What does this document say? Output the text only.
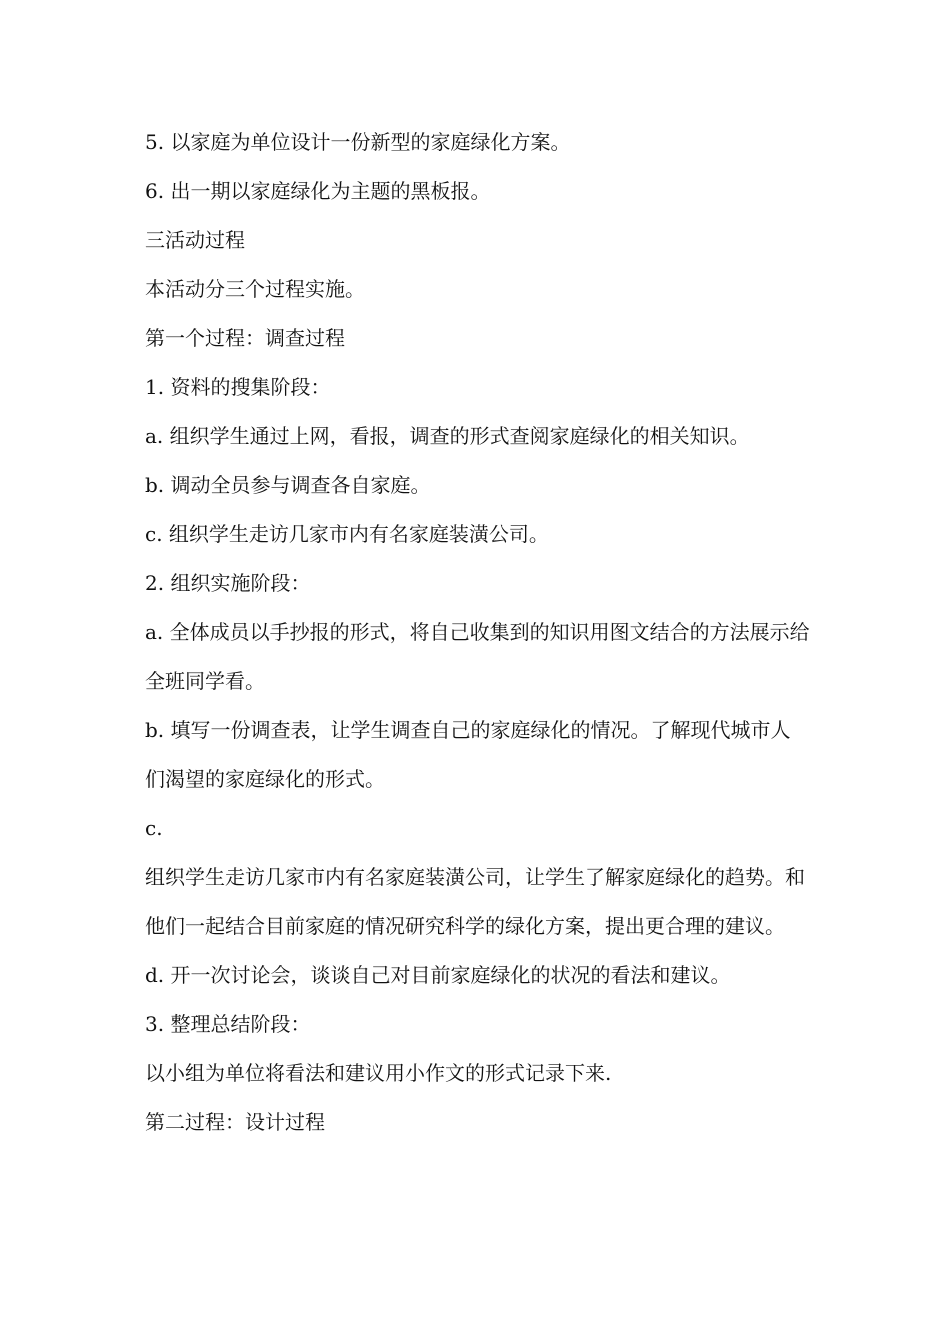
5. 以家庭为单位设计一份新型的家庭绿化方案。

6. 出一期以家庭绿化为主题的黑板报。

三活动过程

本活动分三个过程实施。

第一个过程：调查过程

1. 资料的搜集阶段：

a. 组织学生通过上网，看报，调查的形式查阅家庭绿化的相关知识。

b. 调动全员参与调查各自家庭。

c. 组织学生走访几家市内有名家庭装潢公司。

2. 组织实施阶段：

a. 全体成员以手抄报的形式，将自己收集到的知识用图文结合的方法展示给全班同学看。

b. 填写一份调查表，让学生调查自己的家庭绿化的情况。了解现代城市人们渴望的家庭绿化的形式。

c.

组织学生走访几家市内有名家庭装潢公司，让学生了解家庭绿化的趋势。和他们一起结合目前家庭的情况研究科学的绿化方案，提出更合理的建议。

d. 开一次讨论会，谈谈自己对目前家庭绿化的状况的看法和建议。

3. 整理总结阶段：

以小组为单位将看法和建议用小作文的形式记录下来.

第二过程：设计过程
